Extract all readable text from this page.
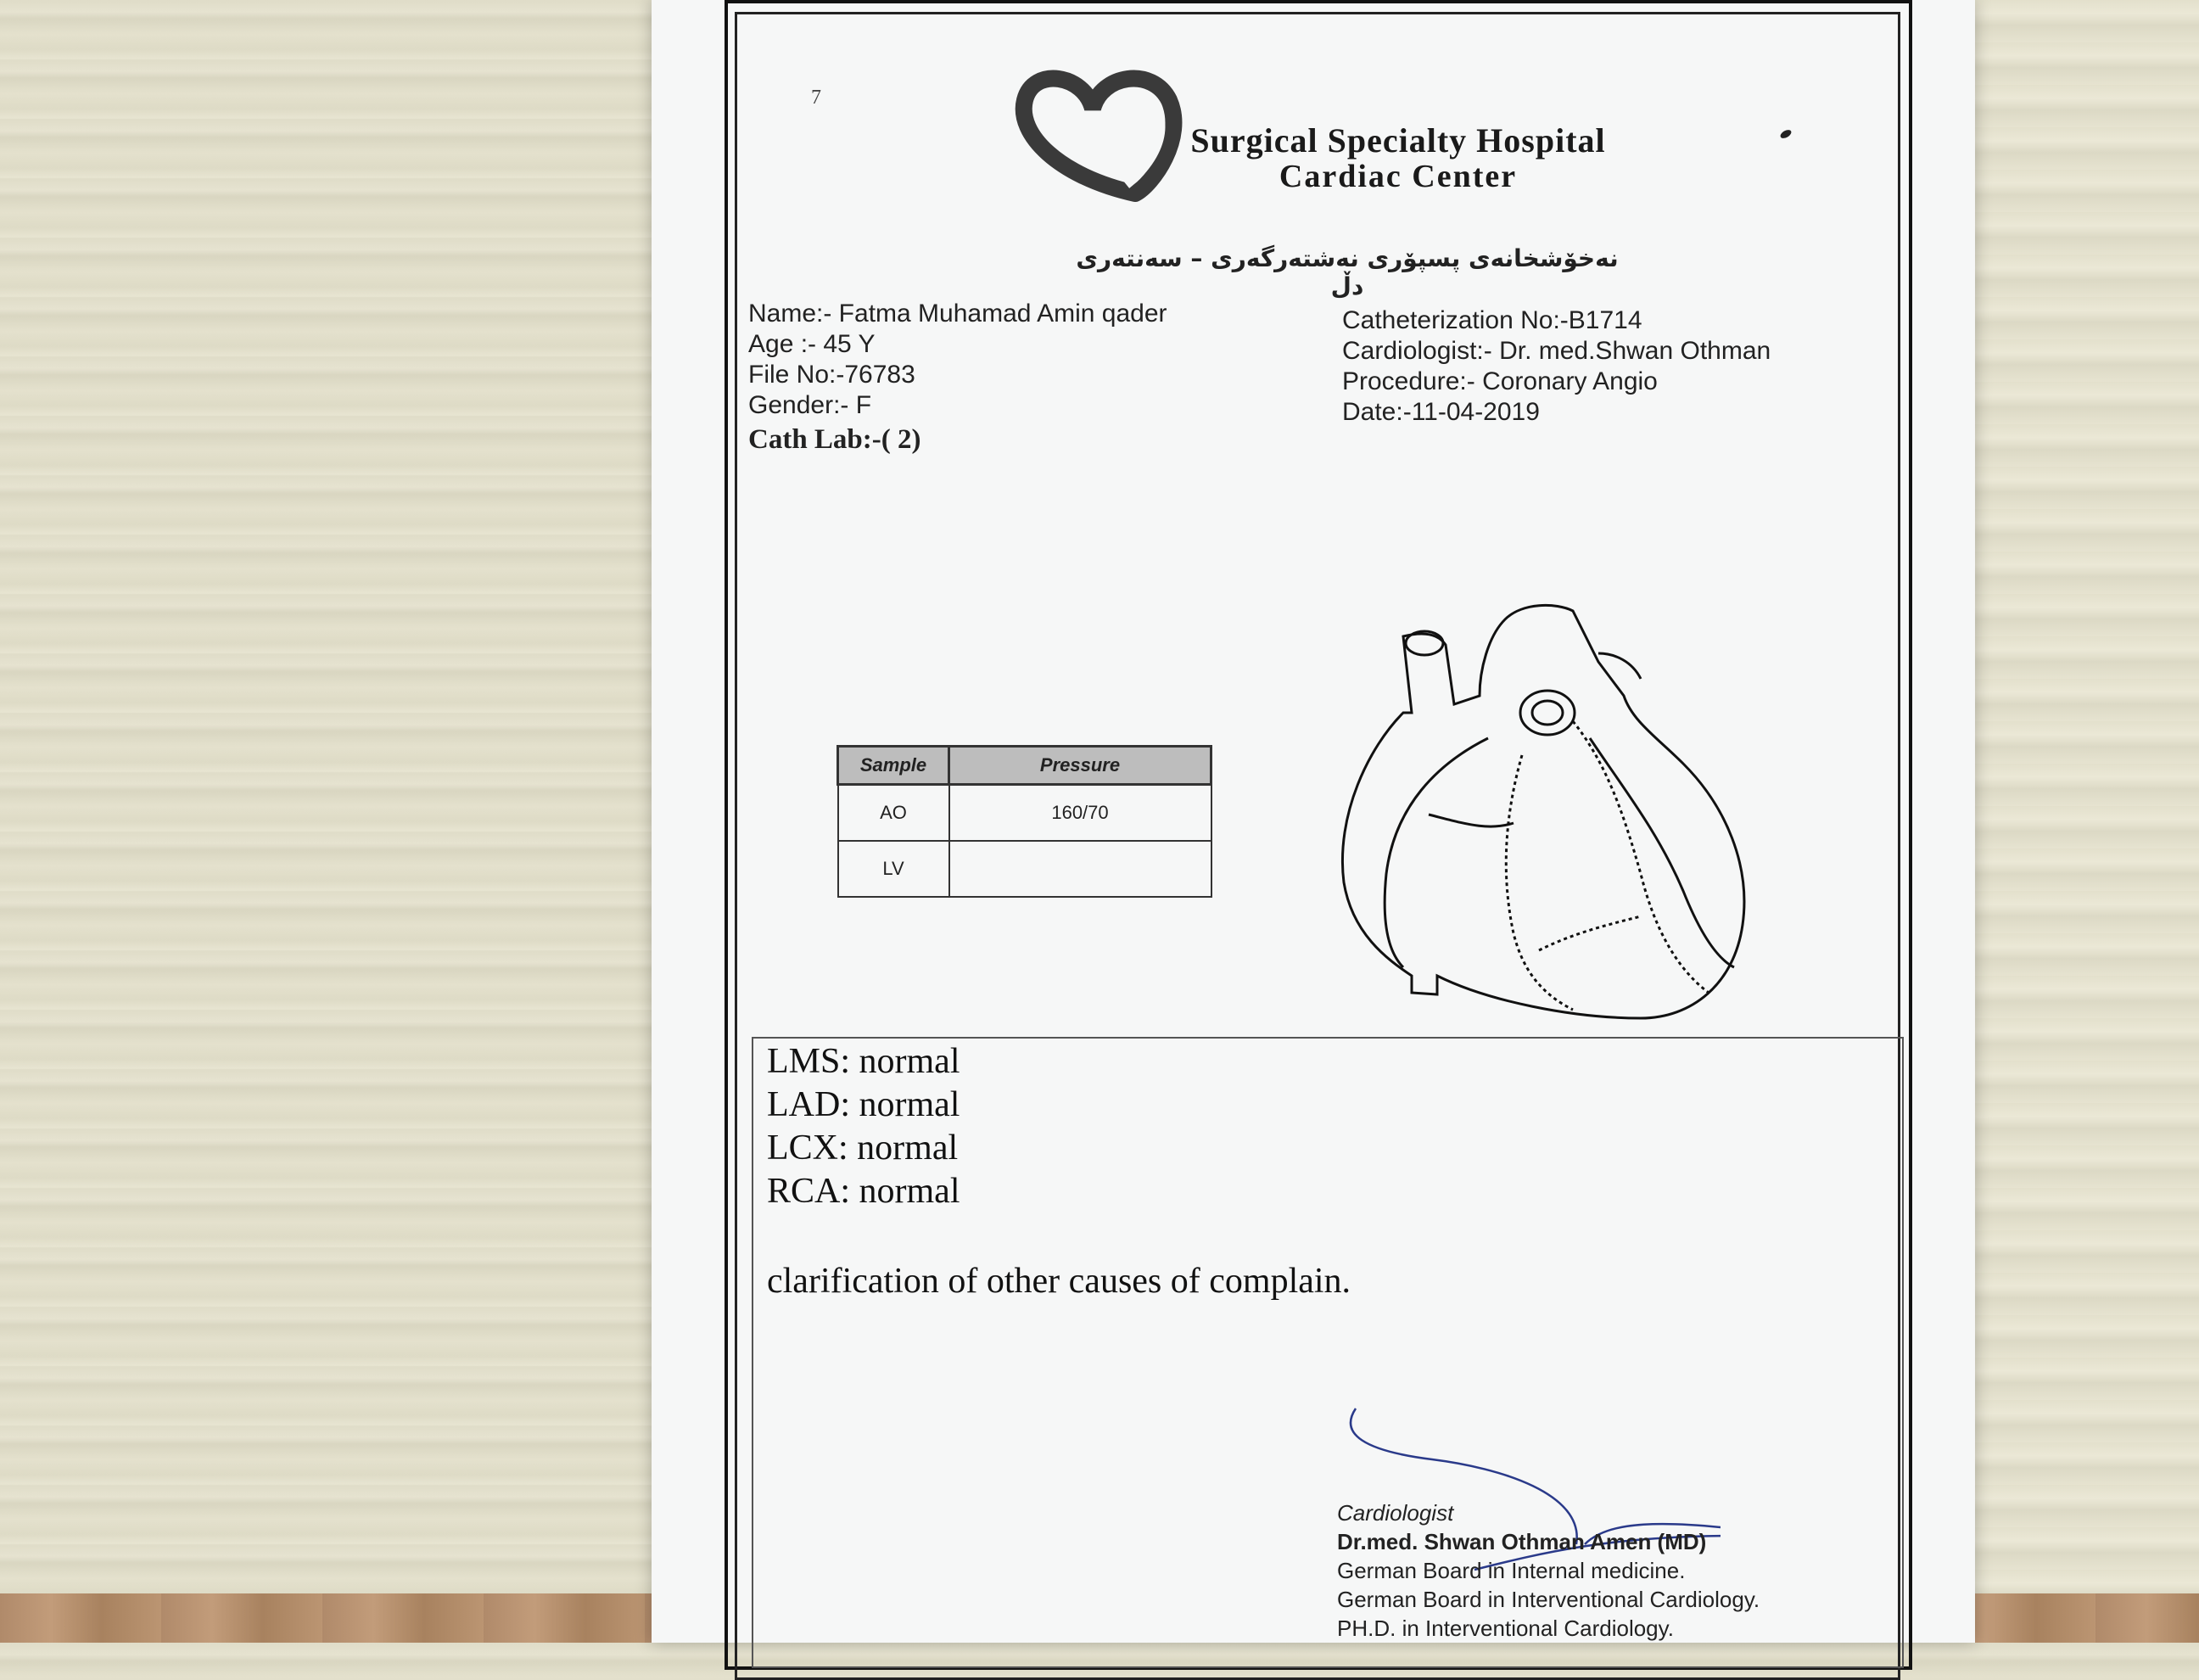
7
Surgical Specialty Hospital
Cardiac Center
نەخۆشخانەی پسپۆری نەشتەرگەری – سەنتەری دڵ
Name:- Fatma Muhamad Amin qader
Age :- 45 Y
File No:-76783
Gender:- F
Cath Lab:-( 2)
Catheterization No:-B1714
Cardiologist:- Dr. med.Shwan Othman
Procedure:- Coronary Angio
Date:-11-04-2019
Sample	Pressure
AO	160/70
LV	
LMS: normal
LAD: normal
LCX: normal
RCA: normal
clarification of other causes of complain.
Cardiologist
Dr.med. Shwan Othman Amen (MD)
German Board in Internal medicine.
German Board in Interventional Cardiology.
PH.D. in Interventional Cardiology.
